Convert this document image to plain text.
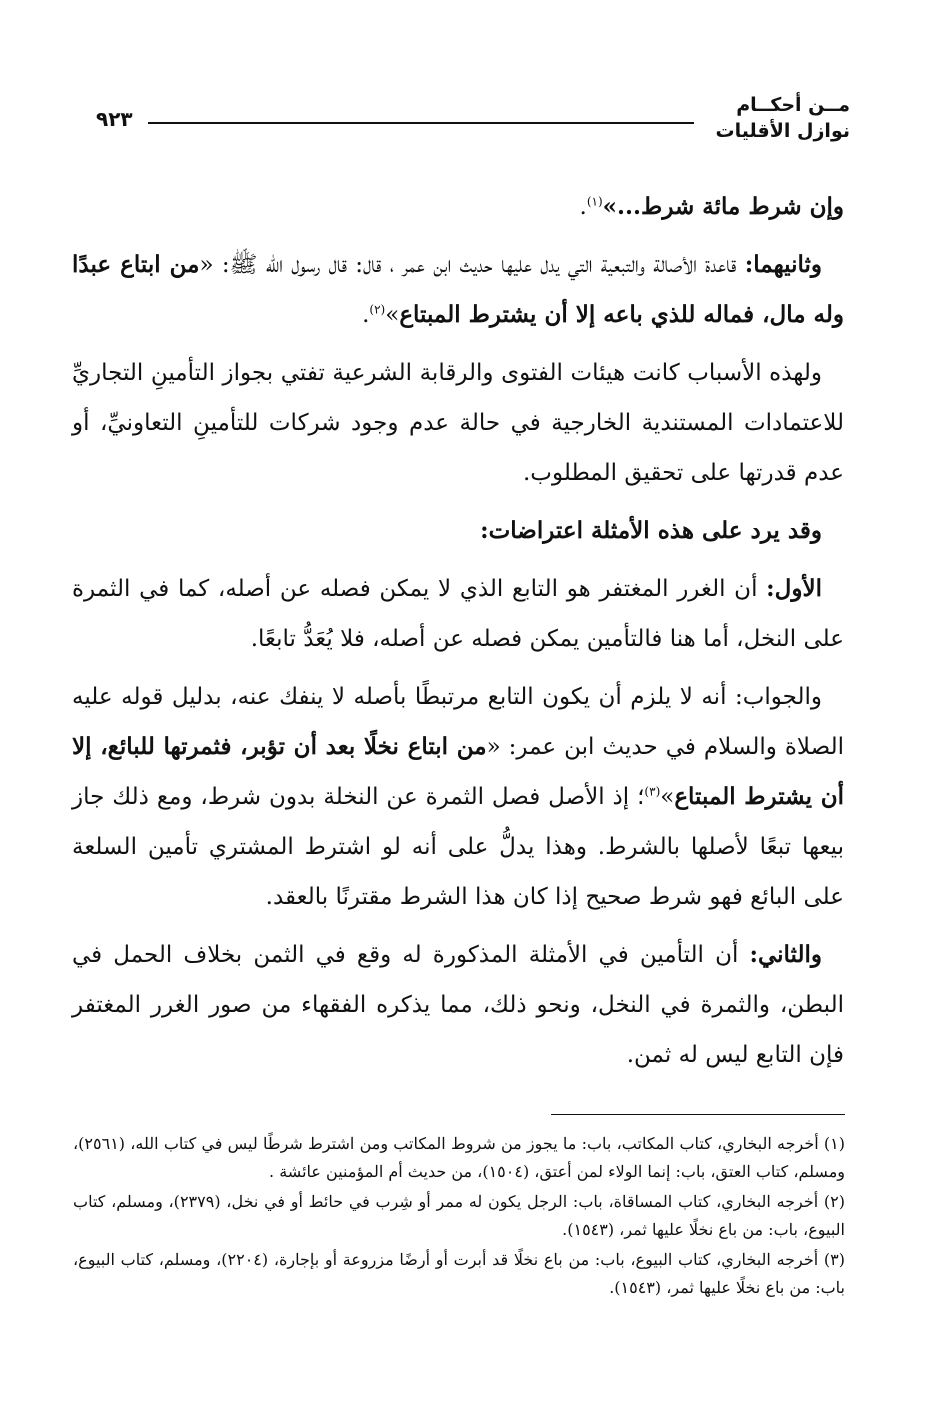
مــن أحكــام
نوازل الأقليات
٩٢٣

وإن شرط مائة شرط...»$^{(١)}$.

وثانيهما: قاعدة الأصالة والتبعية التي يدل عليها حديث ابن عمر ، قال: قال رسول الله ﷺ: «من ابتاع عبدًا وله مال، فماله للذي باعه إلا أن يشترط المبتاع»$^{(٢)}$.

ولهذه الأسباب كانت هيئات الفتوى والرقابة الشرعية تفتي بجواز التأمينِ التجاريِّ للاعتمادات المستندية الخارجية في حالة عدم وجود شركات للتأمينِ التعاونيِّ، أو عدم قدرتها على تحقيق المطلوب.

وقد يرد على هذه الأمثلة اعتراضات:

الأول: أن الغرر المغتفر هو التابع الذي لا يمكن فصله عن أصله، كما في الثمرة على النخل، أما هنا فالتأمين يمكن فصله عن أصله، فلا يُعَدُّ تابعًا.

والجواب: أنه لا يلزم أن يكون التابع مرتبطًا بأصله لا ينفك عنه، بدليل قوله عليه الصلاة والسلام في حديث ابن عمر: «من ابتاع نخلًا بعد أن تؤبر، فثمرتها للبائع، إلا أن يشترط المبتاع»$^{(٣)}$؛ إذ الأصل فصل الثمرة عن النخلة بدون شرط، ومع ذلك جاز بيعها تبعًا لأصلها بالشرط. وهذا يدلُّ على أنه لو اشترط المشتري تأمين السلعة على البائع فهو شرط صحيح إذا كان هذا الشرط مقترنًا بالعقد.

والثاني: أن التأمين في الأمثلة المذكورة له وقع في الثمن بخلاف الحمل في البطن، والثمرة في النخل، ونحو ذلك، مما يذكره الفقهاء من صور الغرر المغتفر فإن التابع ليس له ثمن.

(١) أخرجه البخاري، كتاب المكاتب، باب: ما يجوز من شروط المكاتب ومن اشترط شرطًا ليس في كتاب الله، (٢٥٦١)، ومسلم، كتاب العتق، باب: إنما الولاء لمن أعتق، (١٥٠٤)، من حديث أم المؤمنين عائشة .

(٢) أخرجه البخاري، كتاب المساقاة، باب: الرجل يكون له ممر أو شِرب في حائط أو في نخل، (٢٣٧٩)، ومسلم، كتاب البيوع، باب: من باع نخلًا عليها ثمر، (١٥٤٣).

(٣) أخرجه البخاري، كتاب البيوع، باب: من باع نخلًا قد أبرت أو أرضًا مزروعة أو بإجارة، (٢٢٠٤)، ومسلم، كتاب البيوع، باب: من باع نخلًا عليها ثمر، (١٥٤٣).
